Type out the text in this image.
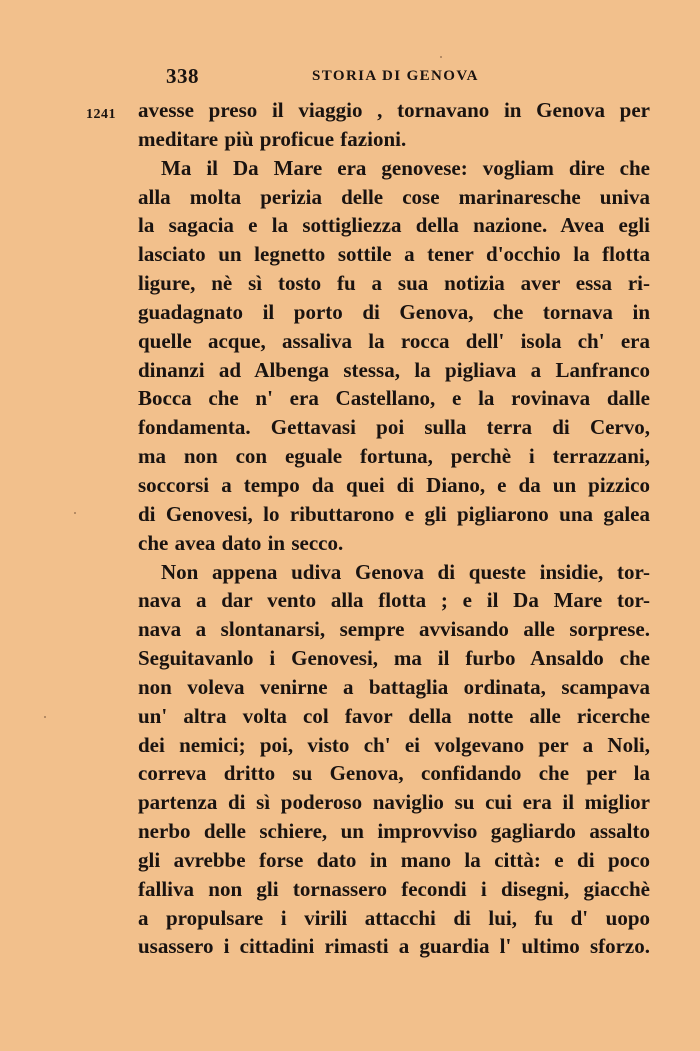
338	STORIA DI GENOVA
1241 avesse preso il viaggio , tornavano in Genova per
meditare più proficue fazioni.
Ma il Da Mare era genovese: vogliam dire che
alla molta perizia delle cose marinaresche univa
la sagacia e la sottigliezza della nazione. Avea egli
lasciato un legnetto sottile a tener d'occhio la flotta
ligure, nè sì tosto fu a sua notizia aver essa ri-
guadagnato il porto di Genova, che tornava in
quelle acque, assaliva la rocca dell' isola ch' era
dinanzi ad Albenga stessa, la pigliava a Lanfranco
Bocca che n' era Castellano, e la rovinava dalle
fondamenta. Gettavasi poi sulla terra di Cervo,
ma non con eguale fortuna, perchè i terrazzani,
soccorsi a tempo da quei di Diano, e da un pizzico
di Genovesi, lo ributtarono e gli pigliarono una galea
che avea dato in secco.
Non appena udiva Genova di queste insidie, tor-
nava a dar vento alla flotta ; e il Da Mare tor-
nava a slontanarsi, sempre avvisando alle sorprese.
Seguitavanlo i Genovesi, ma il furbo Ansaldo che
non voleva venirne a battaglia ordinata, scampava
un' altra volta col favor della notte alle ricerche
dei nemici; poi, visto ch' ei volgevano per a Noli,
correva dritto su Genova, confidando che per la
partenza di sì poderoso naviglio su cui era il miglior
nerbo delle schiere, un improvviso gagliardo assalto
gli avrebbe forse dato in mano la città: e di poco
falliva non gli tornassero fecondi i disegni, giacchè
a propulsare i virili attacchi di lui, fu d' uopo
usassero i cittadini rimasti a guardia l' ultimo sforzo.
